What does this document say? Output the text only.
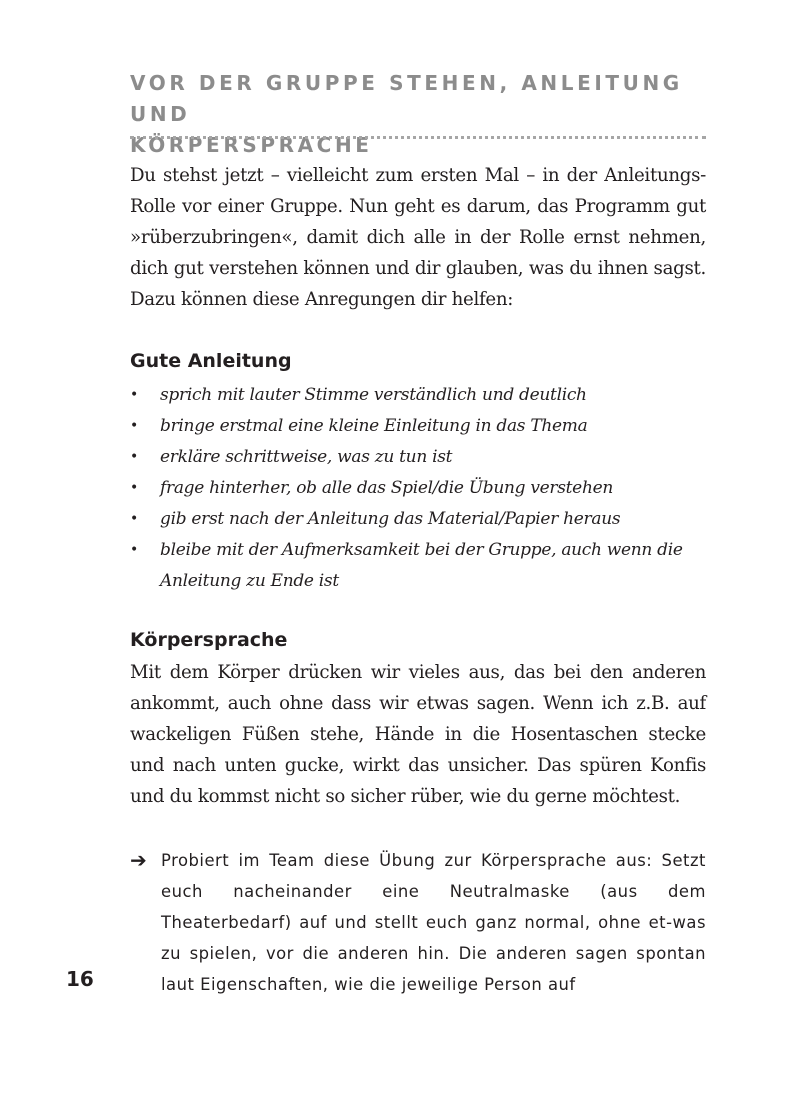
VOR DER GRUPPE STEHEN, ANLEITUNG UND
KÖRPERSPRACHE

Du stehst jetzt – vielleicht zum ersten Mal – in der Anleitungs-Rolle vor einer Gruppe. Nun geht es darum, das Programm gut »rüberzubringen«, damit dich alle in der Rolle ernst nehmen, dich gut verstehen können und dir glauben, was du ihnen sagst. Dazu können diese Anregungen dir helfen:

Gute Anleitung
• sprich mit lauter Stimme verständlich und deutlich
• bringe erstmal eine kleine Einleitung in das Thema
• erkläre schrittweise, was zu tun ist
• frage hinterher, ob alle das Spiel/die Übung verstehen
• gib erst nach der Anleitung das Material/Papier heraus
• bleibe mit der Aufmerksamkeit bei der Gruppe, auch wenn die Anleitung zu Ende ist
Körpersprache

Mit dem Körper drücken wir vieles aus, das bei den anderen ankommt, auch ohne dass wir etwas sagen. Wenn ich z.B. auf wackeligen Füßen stehe, Hände in die Hosentaschen stecke und nach unten gucke, wirkt das unsicher. Das spüren Konfis und du kommst nicht so sicher rüber, wie du gerne möchtest.

➔ Probiert im Team diese Übung zur Körpersprache aus: Setzt euch nacheinander eine Neutralmaske (aus dem Theaterbedarf) auf und stellt euch ganz normal, ohne et-was zu spielen, vor die anderen hin. Die anderen sagen spontan laut Eigenschaften, wie die jeweilige Person auf

16
